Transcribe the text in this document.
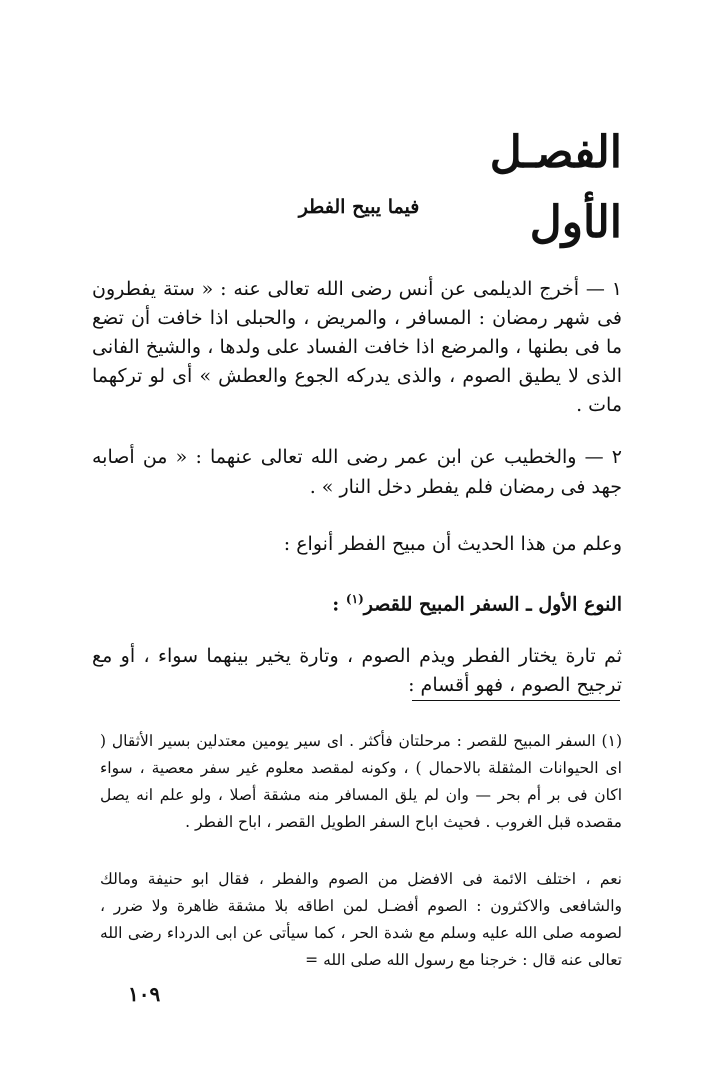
الفصـل الأول
فيما يبيح الفطر

١ — أخرج الديلمى عن أنس رضى الله تعالى عنه : « ستة يفطرون فى شهر رمضان : المسافر ، والمريض ، والحبلى اذا خافت أن تضع ما فى بطنها ، والمرضع اذا خافت الفساد على ولدها ، والشيخ الفانى الذى لا يطيق الصوم ، والذى يدركه الجوع والعطش » أى لو تركهما مات .

٢ — والخطيب عن ابن عمر رضى الله تعالى عنهما : « من أصابه جهد فى رمضان فلم يفطر دخل النار » .

وعلم من هذا الحديث أن مبيح الفطر أنواع :

النوع الأول ـ السفر المبيح للقصر$^{(١)}$ :

ثم تارة يختار الفطر ويذم الصوم ، وتارة يخير بينهما سواء ، أو مع ترجيح الصوم ، فهو أقسام :

(١) السفر المبيح للقصر : مرحلتان فأكثر . اى سير يومين معتدلين بسير الأثقال ( اى الحيوانات المثقلة بالاحمال ) ، وكونه لمقصد معلوم غير سفر معصية ، سواء اكان فى بر أم بحر — وان لم يلق المسافر منه مشقة أصلا ، ولو علم انه يصل مقصده قبل الغروب . فحيث اباح السفر الطويل القصر ، اباح الفطر .

نعم ، اختلف الائمة فى الافضل من الصوم والفطر ، فقال ابو حنيفة ومالك والشافعى والاكثرون : الصوم أفضـل لمن اطاقه بلا مشقة ظاهرة ولا ضرر ، لصومه صلى الله عليه وسلم مع شدة الحر ، كما سيأتى عن ابى الدرداء رضى الله تعالى عنه قال : خرجنا مع رسول الله صلى الله =

١٠٩
